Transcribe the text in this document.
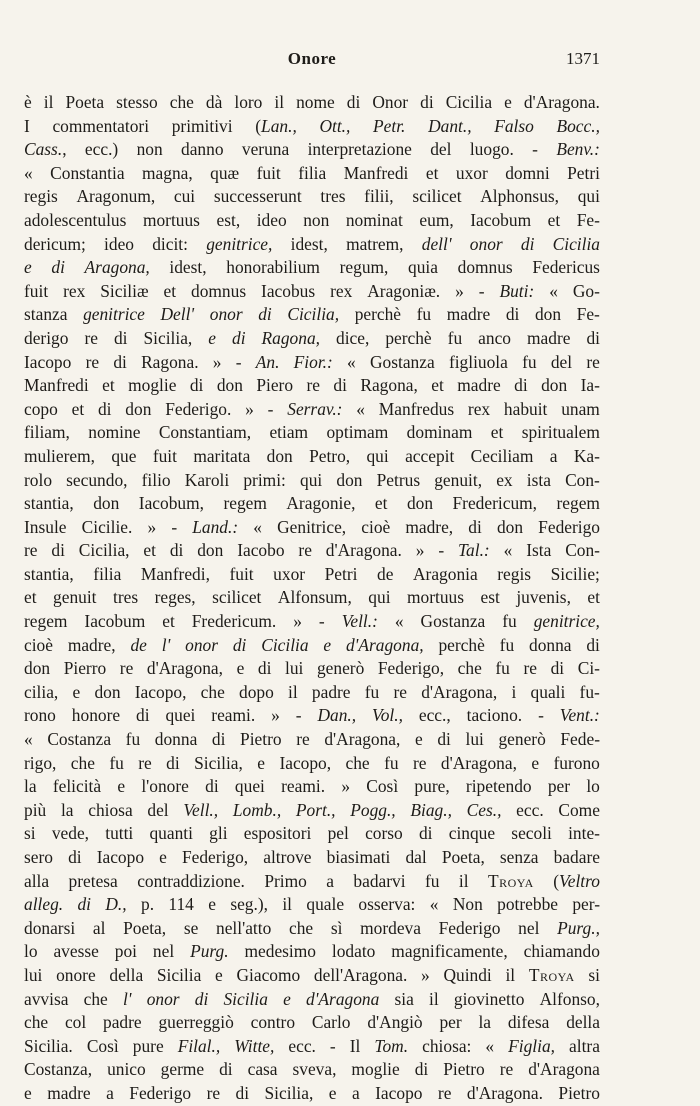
Onore	1371
è il Poeta stesso che dà loro il nome di Onor di Cicilia e d'Aragona.
I commentatori primitivi (Lan., Ott., Petr. Dant., Falso Bocc.,
Cass., ecc.) non danno veruna interpretazione del luogo. - Benv.:
« Constantia magna, quæ fuit filia Manfredi et uxor domni Petri
regis Aragonum, cui successerunt tres filii, scilicet Alphonsus, qui
adolescentulus mortuus est, ideo non nominat eum, Iacobum et Fe-
dericum; ideo dicit: genitrice, idest, matrem, dell' onor di Cicilia
e di Aragona, idest, honorabilium regum, quia domnus Federicus
fuit rex Siciliæ et domnus Iacobus rex Aragoniæ. » - Buti: « Go-
stanza genitrice Dell' onor di Cicilia, perchè fu madre di don Fe-
derigo re di Sicilia, e di Ragona, dice, perchè fu anco madre di
Iacopo re di Ragona. » - An. Fior.: « Gostanza figliuola fu del re
Manfredi et moglie di don Piero re di Ragona, et madre di don Ia-
copo et di don Federigo. » - Serrav.: « Manfredus rex habuit unam
filiam, nomine Constantiam, etiam optimam dominam et spiritualem
mulierem, que fuit maritata don Petro, qui accepit Ceciliam a Ka-
rolo secundo, filio Karoli primi: qui don Petrus genuit, ex ista Con-
stantia, don Iacobum, regem Aragonie, et don Fredericum, regem
Insule Cicilie. » - Land.: « Genitrice, cioè madre, di don Federigo
re di Cicilia, et di don Iacobo re d'Aragona. » - Tal.: « Ista Con-
stantia, filia Manfredi, fuit uxor Petri de Aragonia regis Sicilie;
et genuit tres reges, scilicet Alfonsum, qui mortuus est juvenis, et
regem Iacobum et Fredericum. » - Vell.: « Gostanza fu genitrice,
cioè madre, de l' onor di Cicilia e d'Aragona, perchè fu donna di
don Pierro re d'Aragona, e di lui generò Federigo, che fu re di Ci-
cilia, e don Iacopo, che dopo il padre fu re d'Aragona, i quali fu-
rono honore di quei reami. » - Dan., Vol., ecc., taciono. - Vent.:
« Costanza fu donna di Pietro re d'Aragona, e di lui generò Fede-
rigo, che fu re di Sicilia, e Iacopo, che fu re d'Aragona, e furono
la felicità e l'onore di quei reami. » Così pure, ripetendo per lo
più la chiosa del Vell., Lomb., Port., Pogg., Biag., Ces., ecc. Come
si vede, tutti quanti gli espositori pel corso di cinque secoli inte-
sero di Iacopo e Federigo, altrove biasimati dal Poeta, senza badare
alla pretesa contraddizione. Primo a badarvi fu il Troya (Veltro
alleg. di D., p. 114 e seg.), il quale osserva: « Non potrebbe per-
donarsi al Poeta, se nell'atto che sì mordeva Federigo nel Purg.,
lo avesse poi nel Purg. medesimo lodato magnificamente, chiamando
lui onore della Sicilia e Giacomo dell'Aragona. » Quindi il Troya si
avvisa che l' onor di Sicilia e d'Aragona sia il giovinetto Alfonso,
che col padre guerreggiò contro Carlo d'Angiò per la difesa della
Sicilia. Così pure Filal., Witte, ecc. - Il Tom. chiosa: « Figlia, altra
Costanza, unico germe di casa sveva, moglie di Pietro re d'Aragona
e madre a Federigo re di Sicilia, e a Iacopo re d'Aragona. Pietro
